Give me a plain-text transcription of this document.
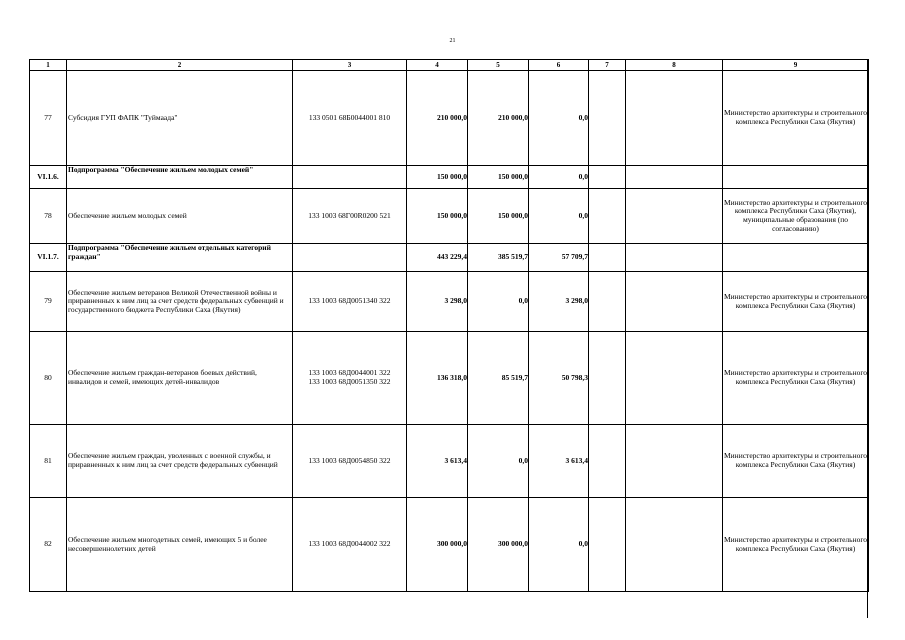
21
1	2	3	4	5	6	7	8	9
77	Субсидия ГУП ФАПК "Туймаада"	133 0501 68Б0044001 810	210 000,0	210 000,0	0,0			Министерство архитектуры и строительного комплекса Республики Саха (Якутия)
VI.1.6.	Подпрограмма "Обеспечение жильем молодых семей"		150 000,0	150 000,0	0,0			
78	Обеспечение жильем молодых семей	133 1003 68Г00R0200 521	150 000,0	150 000,0	0,0			Министерство архитектуры и строительного комплекса Республики Саха (Якутия), муниципальные образования (по согласованию)
VI.1.7.	Подпрограмма "Обеспечение жильем отдельных категорий граждан"		443 229,4	385 519,7	57 709,7			
79	Обеспечение жильем ветеранов Великой Отечественной войны и приравненных к ним лиц за счет средств федеральных субвенций и государственного бюджета Республики Саха (Якутия)	133 1003 68Д0051340 322	3 298,0	0,0	3 298,0			Министерство архитектуры и строительного комплекса Республики Саха (Якутия)
80	Обеспечение жильем граждан-ветеранов боевых действий, инвалидов и семей, имеющих детей-инвалидов	133 1003 68Д0044001 322
133 1003 68Д0051350 322	136 318,0	85 519,7	50 798,3			Министерство архитектуры и строительного комплекса Республики Саха (Якутия)
81	Обеспечение жильем граждан, уволенных с военной службы, и приравненных к ним лиц за счет средств федеральных субвенций	133 1003 68Д0054850 322	3 613,4	0,0	3 613,4			Министерство архитектуры и строительного комплекса Республики Саха (Якутия)
82	Обеспечение жильем многодетных семей, имеющих 5 и более несовершеннолетних детей	133 1003 68Д0044002 322	300 000,0	300 000,0	0,0			Министерство архитектуры и строительного комплекса Республики Саха (Якутия)
